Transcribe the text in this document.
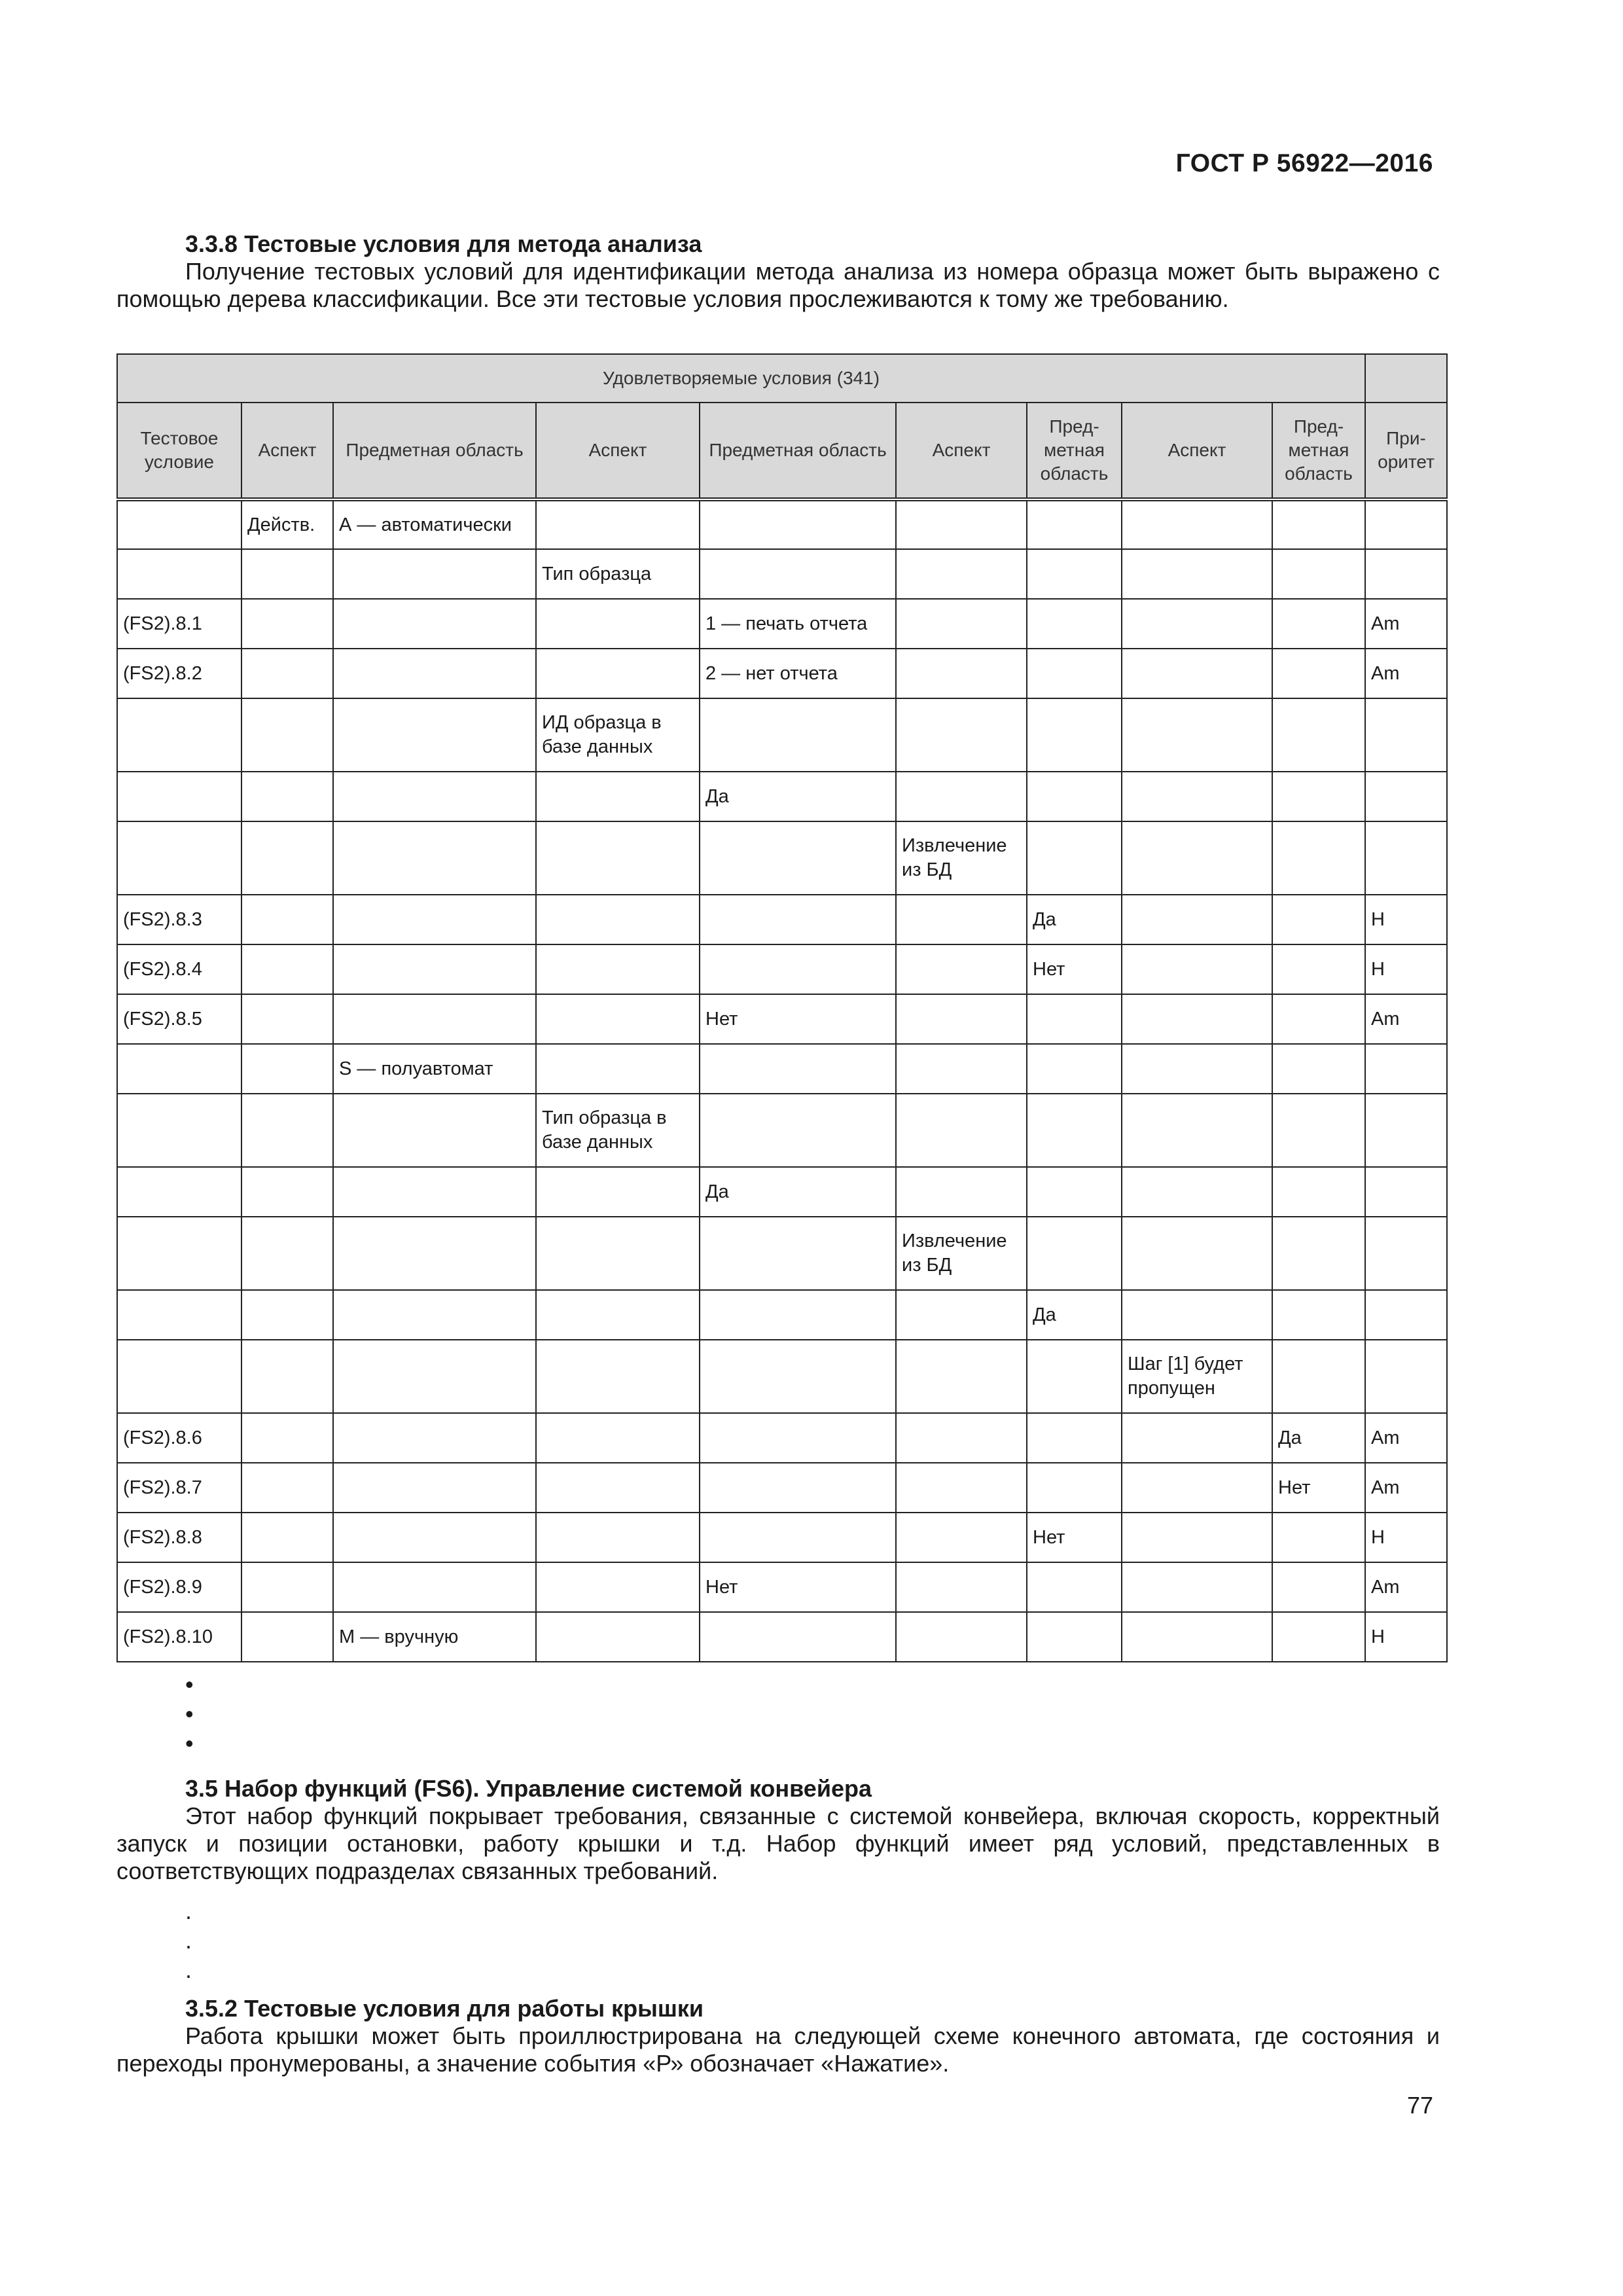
ГОСТ Р 56922—2016
3.3.8 Тестовые условия для метода анализа
Получение тестовых условий для идентификации метода анализа из номера образца может быть выражено с помощью дерева классификации. Все эти тестовые условия прослеживаются к тому же требованию.
Удовлетворяемые условия (341)									
Тестовое условие	Аспект	Предметная область	Аспект	Предметная область	Аспект	Пред-метная область	Аспект	Пред-метная область	При-оритет
	Действ.	А — автоматически							
			Тип образца						
(FS2).8.1				1 — печать отчета					Am
(FS2).8.2				2 — нет отчета					Am
			ИД образца в базе данных						
				Да					
					Извлечение из БД				
(FS2).8.3						Да			H
(FS2).8.4						Нет			H
(FS2).8.5				Нет					Am
		S — полуавтомат							
			Тип образца в базе данных						
				Да					
					Извлечение из БД				
						Да			
							Шаг [1] будет пропущен		
(FS2).8.6								Да	Am
(FS2).8.7								Нет	Am
(FS2).8.8						Нет			H
(FS2).8.9				Нет					Am
(FS2).8.10		M — вручную							H
•
•
•
3.5 Набор функций (FS6). Управление системой конвейера
Этот набор функций покрывает требования, связанные с системой конвейера, включая скорость, корректный запуск и позиции остановки, работу крышки и т.д. Набор функций имеет ряд условий, представленных в соответствующих подразделах связанных требований.
.
.
.
3.5.2 Тестовые условия для работы крышки
Работа крышки может быть проиллюстрирована на следующей схеме конечного автомата, где состояния и переходы пронумерованы, а значение события «Р» обозначает «Нажатие».
77
